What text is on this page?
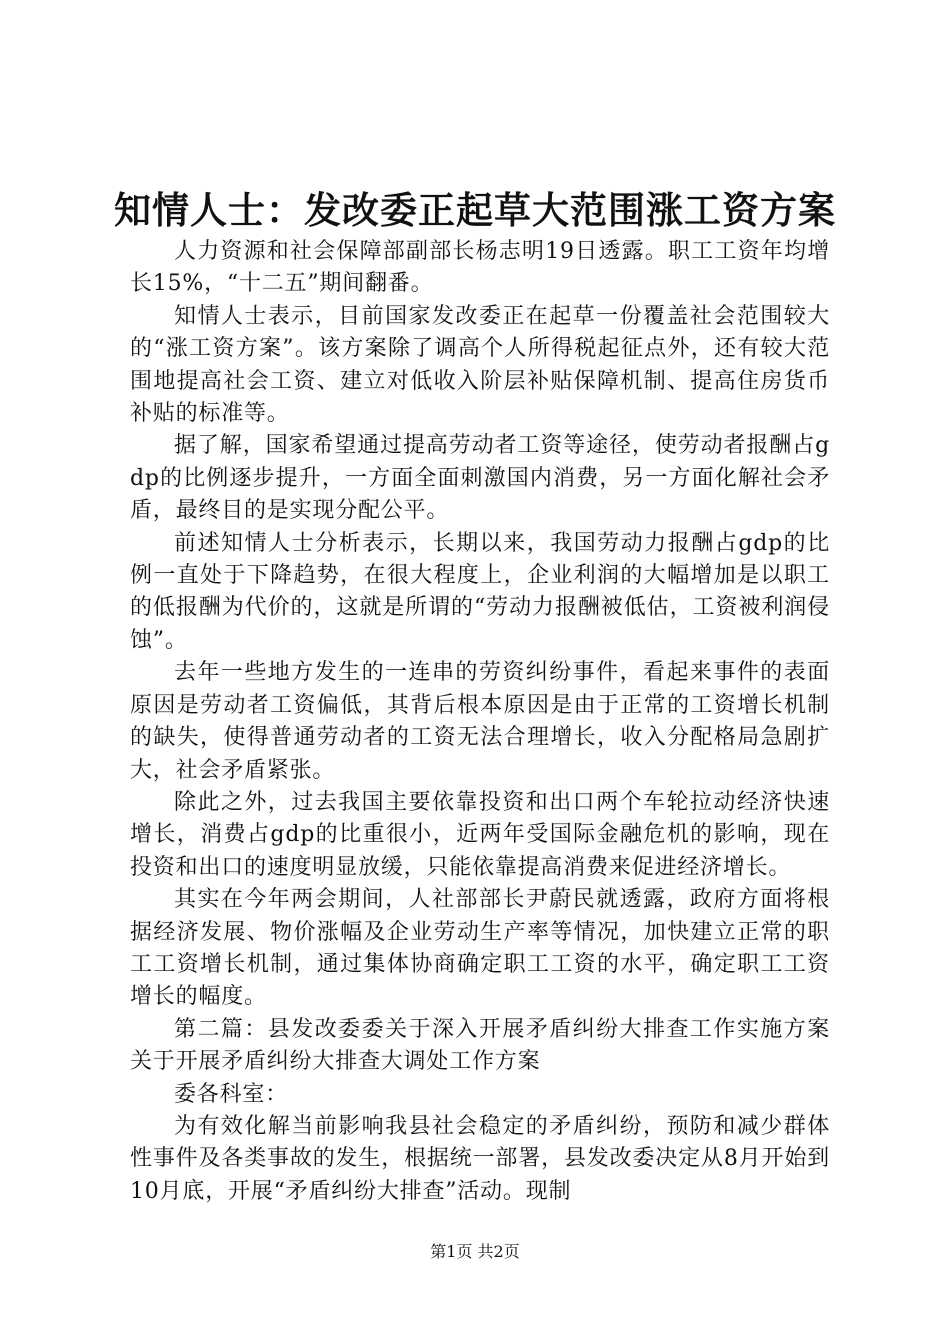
知情人士：发改委正起草大范围涨工资方案

人力资源和社会保障部副部长杨志明19日透露。职工工资年均增长15%，“十二五”期间翻番。

知情人士表示，目前国家发改委正在起草一份覆盖社会范围较大的“涨工资方案”。该方案除了调高个人所得税起征点外，还有较大范围地提高社会工资、建立对低收入阶层补贴保障机制、提高住房货币补贴的标准等。

据了解，国家希望通过提高劳动者工资等途径，使劳动者报酬占gdp的比例逐步提升，一方面全面刺激国内消费，另一方面化解社会矛盾，最终目的是实现分配公平。

前述知情人士分析表示，长期以来，我国劳动力报酬占gdp的比例一直处于下降趋势，在很大程度上，企业利润的大幅增加是以职工的低报酬为代价的，这就是所谓的“劳动力报酬被低估，工资被利润侵蚀”。

去年一些地方发生的一连串的劳资纠纷事件，看起来事件的表面原因是劳动者工资偏低，其背后根本原因是由于正常的工资增长机制的缺失，使得普通劳动者的工资无法合理增长，收入分配格局急剧扩大，社会矛盾紧张。

除此之外，过去我国主要依靠投资和出口两个车轮拉动经济快速增长，消费占gdp的比重很小，近两年受国际金融危机的影响，现在投资和出口的速度明显放缓，只能依靠提高消费来促进经济增长。

其实在今年两会期间，人社部部长尹蔚民就透露，政府方面将根据经济发展、物价涨幅及企业劳动生产率等情况，加快建立正常的职工工资增长机制，通过集体协商确定职工工资的水平，确定职工工资增长的幅度。

第二篇：县发改委委关于深入开展矛盾纠纷大排查工作实施方案关于开展矛盾纠纷大排查大调处工作方案

委各科室：

为有效化解当前影响我县社会稳定的矛盾纠纷，预防和减少群体性事件及各类事故的发生，根据统一部署，县发改委决定从8月开始到10月底，开展“矛盾纠纷大排查”活动。现制

第1页 共2页
